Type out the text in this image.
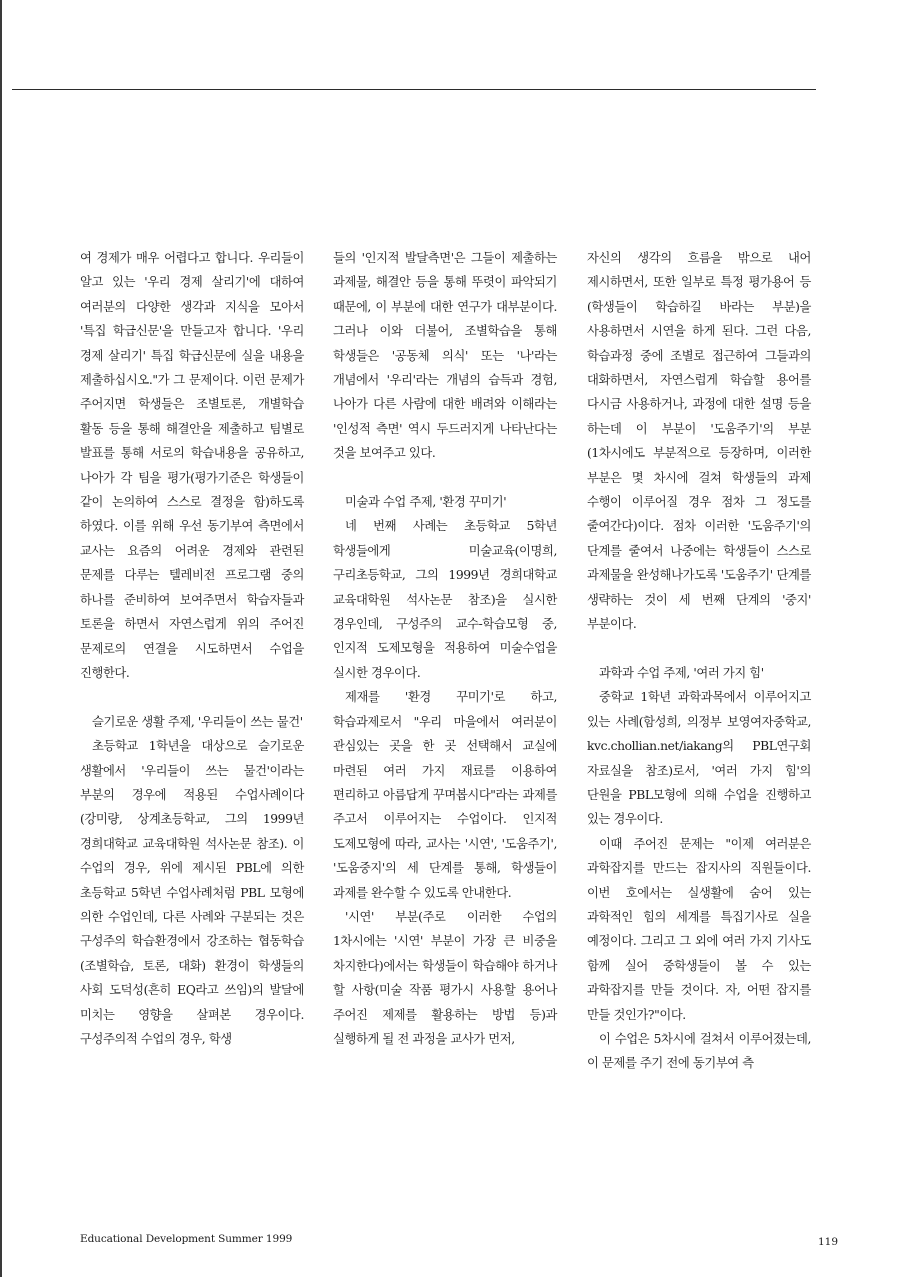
여 경제가 매우 어렵다고 합니다. 우리들이 알고 있는 '우리 경제 살리기'에 대하여 여러분의 다양한 생각과 지식을 모아서 '특집 학급신문'을 만들고자 합니다. '우리 경제 살리기' 특집 학급신문에 실을 내용을 제출하십시오."가 그 문제이다. 이런 문제가 주어지면 학생들은 조별토론, 개별학습 활동 등을 통해 해결안을 제출하고 팀별로 발표를 통해 서로의 학습내용을 공유하고, 나아가 각 팀을 평가(평가기준은 학생들이 같이 논의하여 스스로 결정을 함)하도록 하였다. 이를 위해 우선 동기부여 측면에서 교사는 요즘의 어려운 경제와 관련된 문제를 다루는 텔레비전 프로그램 중의 하나를 준비하여 보여주면서 학습자들과 토론을 하면서 자연스럽게 위의 주어진 문제로의 연결을 시도하면서 수업을 진행한다.

슬기로운 생활 주제, '우리들이 쓰는 물건'

초등학교 1학년을 대상으로 슬기로운 생활에서 '우리들이 쓰는 물건'이라는 부분의 경우에 적용된 수업사례이다(강미량, 상계초등학교, 그의 1999년 경희대학교 교육대학원 석사논문 참조). 이 수업의 경우, 위에 제시된 PBL에 의한 초등학교 5학년 수업사례처럼 PBL 모형에 의한 수업인데, 다른 사례와 구분되는 것은 구성주의 학습환경에서 강조하는 협동학습(조별학습, 토론, 대화) 환경이 학생들의 사회 도덕성(흔히 EQ라고 쓰임)의 발달에 미치는 영향을 살펴본 경우이다. 구성주의적 수업의 경우, 학생

들의 '인지적 발달측면'은 그들이 제출하는 과제물, 해결안 등을 통해 뚜렷이 파악되기 때문에, 이 부분에 대한 연구가 대부분이다. 그러나 이와 더불어, 조별학습을 통해 학생들은 '공동체 의식' 또는 '나'라는 개념에서 '우리'라는 개념의 습득과 경험, 나아가 다른 사람에 대한 배려와 이해라는 '인성적 측면' 역시 두드러지게 나타난다는 것을 보여주고 있다.

미술과 수업 주제, '환경 꾸미기'

네 번째 사례는 초등학교 5학년 학생들에게 미술교육(이명희, 구리초등학교, 그의 1999년 경희대학교 교육대학원 석사논문 참조)을 실시한 경우인데, 구성주의 교수-학습모형 중, 인지적 도제모형을 적용하여 미술수업을 실시한 경우이다.

제재를 '환경 꾸미기'로 하고, 학습과제로서 "우리 마을에서 여러분이 관심있는 곳을 한 곳 선택해서 교실에 마련된 여러 가지 재료를 이용하여 편리하고 아름답게 꾸며봅시다"라는 과제를 주고서 이루어지는 수업이다. 인지적 도제모형에 따라, 교사는 '시연', '도움주기', '도움중지'의 세 단계를 통해, 학생들이 과제를 완수할 수 있도록 안내한다.

'시연' 부분(주로 이러한 수업의 1차시에는 '시연' 부분이 가장 큰 비중을 차지한다)에서는 학생들이 학습해야 하거나 할 사항(미술 작품 평가시 사용할 용어나 주어진 제제를 활용하는 방법 등)과 실행하게 될 전 과정을 교사가 먼저,

자신의 생각의 흐름을 밖으로 내어 제시하면서, 또한 일부로 특정 평가용어 등(학생들이 학습하길 바라는 부분)을 사용하면서 시연을 하게 된다. 그런 다음, 학습과정 중에 조별로 접근하여 그들과의 대화하면서, 자연스럽게 학습할 용어를 다시금 사용하거나, 과정에 대한 설명 등을 하는데 이 부분이 '도움주기'의 부분(1차시에도 부분적으로 등장하며, 이러한 부분은 몇 차시에 걸쳐 학생들의 과제 수행이 이루어질 경우 점차 그 정도를 줄여간다)이다. 점차 이러한 '도움주기'의 단계를 줄여서 나중에는 학생들이 스스로 과제물을 완성해나가도록 '도움주기' 단계를 생략하는 것이 세 번째 단계의 '중지' 부분이다.

과학과 수업 주제, '여러 가지 힘'

중학교 1학년 과학과목에서 이루어지고 있는 사례(함성희, 의정부 보영여자중학교, kvc.chollian.net/iakang의 PBL연구회 자료실을 참조)로서, '여러 가지 힘'의 단원을 PBL모형에 의해 수업을 진행하고 있는 경우이다.

이때 주어진 문제는 "이제 여러분은 과학잡지를 만드는 잡지사의 직원들이다. 이번 호에서는 실생활에 숨어 있는 과학적인 힘의 세계를 특집기사로 실을 예정이다. 그리고 그 외에 여러 가지 기사도 함께 실어 중학생들이 볼 수 있는 과학잡지를 만들 것이다. 자, 어떤 잡지를 만들 것인가?"이다.

이 수업은 5차시에 걸쳐서 이루어졌는데, 이 문제를 주기 전에 동기부여 측

Educational Development Summer 1999	119
